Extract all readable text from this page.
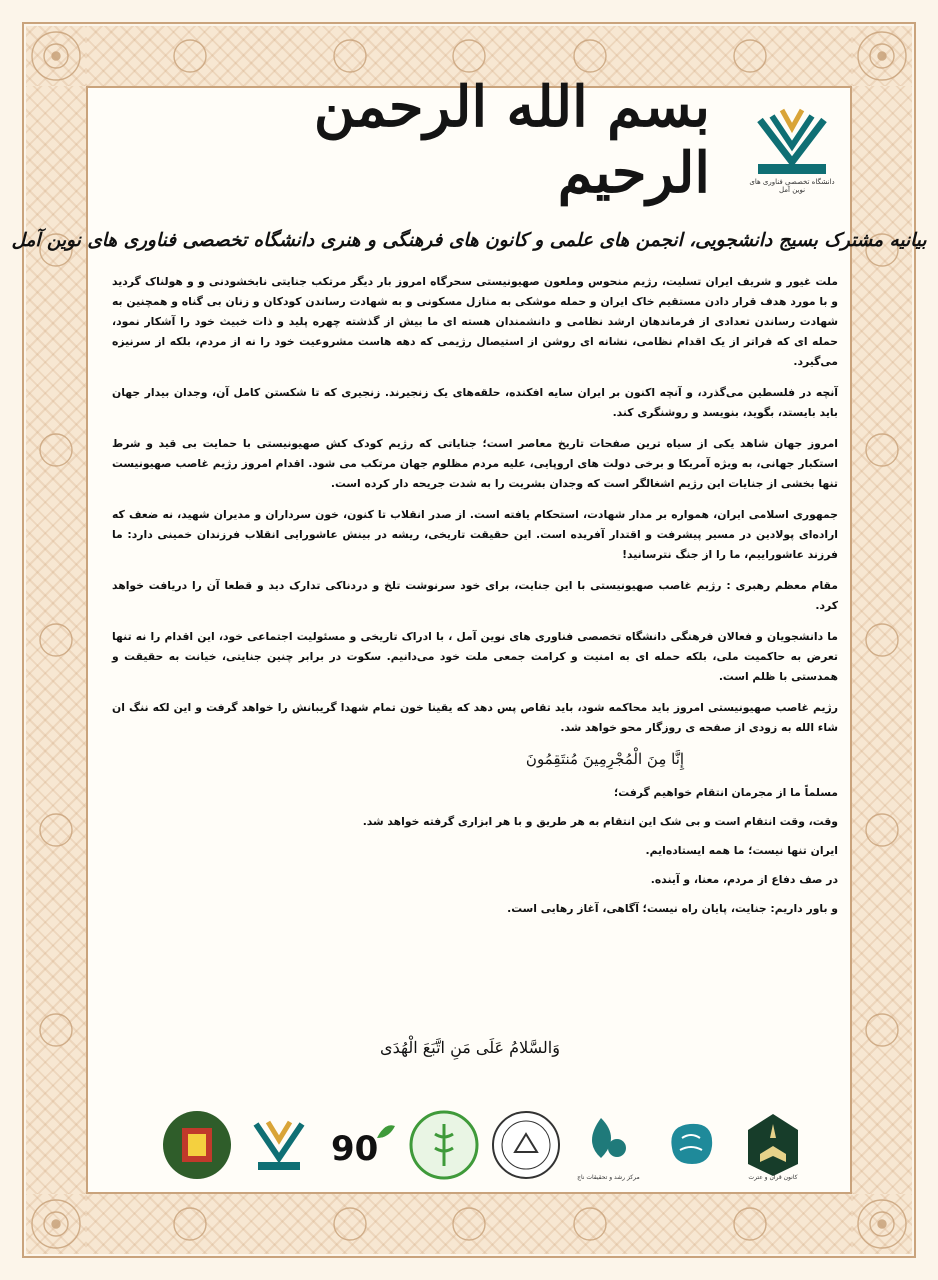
دانشگاه تخصصی فناوری های نوین آمل
بسم الله الرحمن الرحیم
بیانیه مشترک بسیج دانشجویی، انجمن های علمی و کانون های فرهنگی و هنری دانشگاه تخصصی فناوری های نوین آمل

ملت غیور و شریف ایران تسلیت، رژیم منحوس وملعون صهیونیستی سحرگاه امروز بار دیگر مرتکب جنایتی نابخشودنی و و هولناک گردید و با مورد هدف قرار دادن مستقیم خاک ایران و حمله موشکی به منازل مسکونی و به شهادت رساندن کودکان و زنان بی گناه و همچنین به شهادت رساندن تعدادی از فرماندهان ارشد نظامی و دانشمندان هسته ای ما بیش از گذشته چهره پلید و ذات خبیث خود را آشکار نمود، حمله ای که فراتر از یک اقدام نظامی، نشانه ای روشن از استیصال رژیمی که دهه هاست مشروعیت خود را نه از مردم، بلکه از سرنیزه می‌گیرد.

آنچه در فلسطین می‌گذرد، و آنچه اکنون بر ایران سایه افکنده، حلقه‌های یک زنجیرند. زنجیری که تا شکستن کامل آن، وجدان بیدار جهان باید بایستد، بگوید، بنویسد و روشنگری کند.

امروز جهان شاهد یکی از سیاه ترین صفحات تاریخ معاصر است؛ جنایاتی که رژیم کودک کش صهیونیستی با حمایت بی قید و شرط استکبار جهانی، به ویژه آمریکا و برخی دولت های اروپایی، علیه مردم مظلوم جهان مرتکب می شود. اقدام امروز رژیم غاصب صهیونیست تنها بخشی از جنایات این رژیم اشغالگر است که وجدان بشریت را به شدت جریحه دار کرده است.

جمهوری اسلامی ایران، همواره بر مدار شهادت، استحکام یافته است. از صدر انقلاب تا کنون، خون سرداران و مدیران شهید، نه ضعف که اراده‌ای پولادین در مسیر پیشرفت و اقتدار آفریده است. این حقیقت تاریخی، ریشه در بینش عاشورایی انقلاب فرزندان خمینی دارد: ما فرزند عاشوراییم، ما را از جنگ نترسانید!

مقام معظم رهبری : رژیم غاصب صهیونیستی با این جنایت، برای خود سرنوشت تلخ و دردناکی تدارک دید و قطعا آن را دریافت خواهد کرد.

ما دانشجویان و فعالان فرهنگی دانشگاه تخصصی فناوری های نوین آمل ، با ادراک تاریخی و مسئولیت اجتماعی خود، این اقدام را نه تنها تعرض به حاکمیت ملی، بلکه حمله ای به امنیت و کرامت جمعی ملت خود می‌دانیم. سکوت در برابر چنین جنایتی، خیانت به حقیقت و همدستی با ظلم است.

رژیم غاصب صهیونیستی امروز باید محاکمه شود، باید تقاص پس دهد که یقینا خون تمام شهدا گریبانش را خواهد گرفت و این لکه ننگ ان شاء الله به زودی از صفحه ی روزگار محو خواهد شد.

إِنَّا مِنَ الْمُجْرِمِينَ مُنتَقِمُونَ

مسلماً ما از مجرمان انتقام خواهیم گرفت؛

وقت، وقت انتقام است و بی شک این انتقام به هر طریق و با هر ابزاری گرفته خواهد شد.

ایران تنها نیست؛ ما همه ایستاده‌ایم.

در صف دفاع از مردم، معنا، و آینده.

و باور داریم: جنایت، پایان راه نیست؛ آگاهی، آغاز رهایی است.

وَالسَّلامُ عَلَى مَنِ اتَّبَعَ الْهُدَى
90
مرکز رشد و تحقیقات ناج	کانون قرآن و عترت
